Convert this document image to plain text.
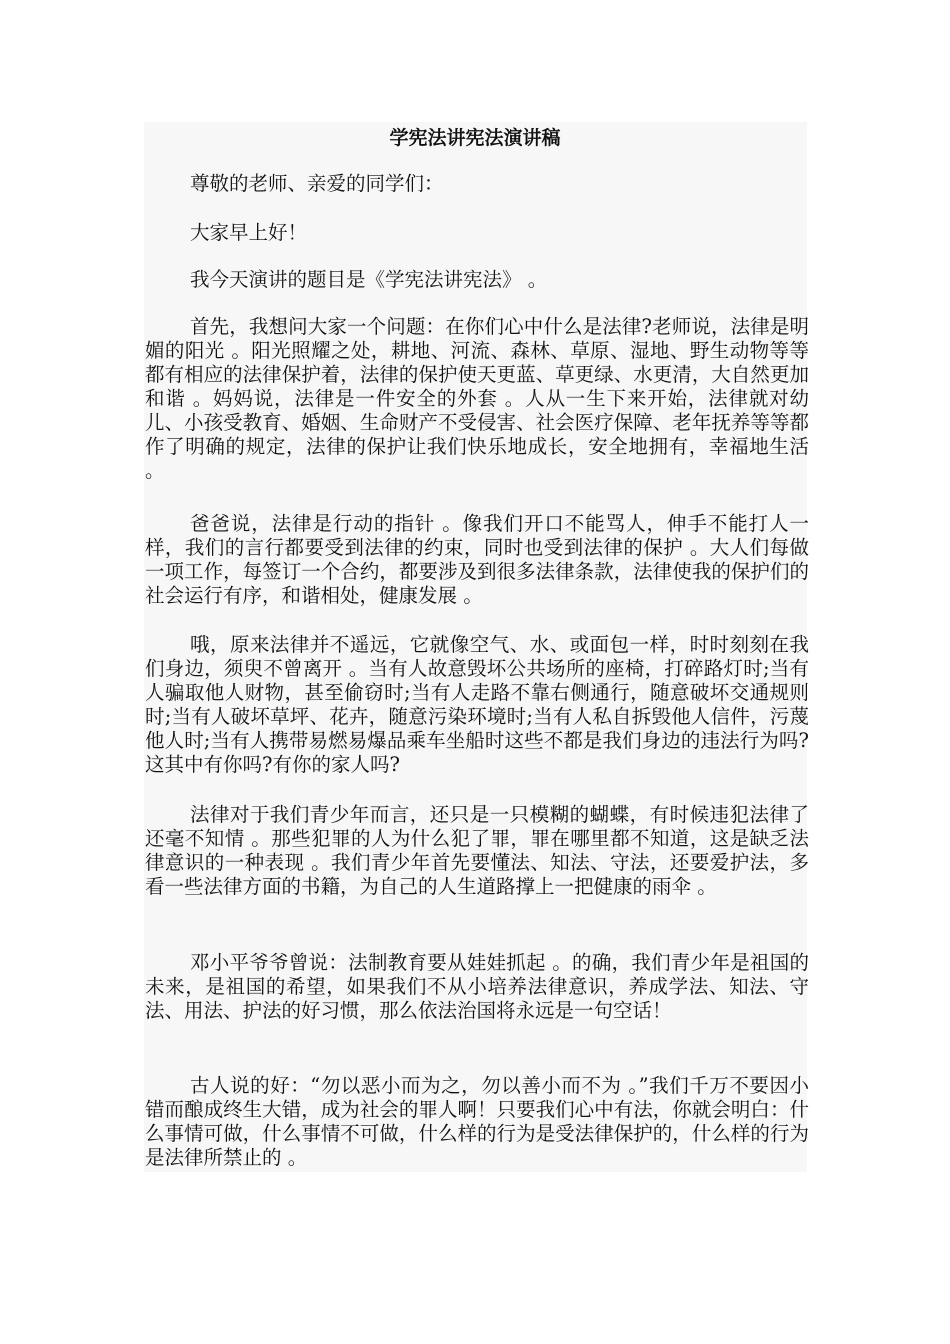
学宪法讲宪法演讲稿

尊敬的老师、亲爱的同学们：

大家早上好！

我今天演讲的题目是《学宪法讲宪法》 。

首先，我想问大家一个问题：在你们心中什么是法律?老师说，法律是明媚的阳光 。阳光照耀之处，耕地、河流、森林、草原、湿地、野生动物等等都有相应的法律保护着，法律的保护使天更蓝、草更绿、水更清，大自然更加和谐 。妈妈说，法律是一件安全的外套 。人从一生下来开始，法律就对幼儿、小孩受教育、婚姻、生命财产不受侵害、社会医疗保障、老年抚养等等都作了明确的规定，法律的保护让我们快乐地成长，安全地拥有，幸福地生活 。

爸爸说，法律是行动的指针 。像我们开口不能骂人，伸手不能打人一样，我们的言行都要受到法律的约束，同时也受到法律的保护 。大人们每做一项工作，每签订一个合约，都要涉及到很多法律条款，法律使我的保护们的社会运行有序，和谐相处，健康发展 。

哦，原来法律并不遥远，它就像空气、水、或面包一样，时时刻刻在我们身边，须臾不曾离开 。当有人故意毁坏公共场所的座椅，打碎路灯时;当有人骗取他人财物，甚至偷窃时;当有人走路不靠右侧通行，随意破坏交通规则时;当有人破坏草坪、花卉，随意污染环境时;当有人私自拆毁他人信件，污蔑他人时;当有人携带易燃易爆品乘车坐船时这些不都是我们身边的违法行为吗?这其中有你吗?有你的家人吗?

法律对于我们青少年而言，还只是一只模糊的蝴蝶，有时候违犯法律了还毫不知情 。那些犯罪的人为什么犯了罪，罪在哪里都不知道，这是缺乏法律意识的一种表现 。我们青少年首先要懂法、知法、守法，还要爱护法，多看一些法律方面的书籍，为自己的人生道路撑上一把健康的雨伞 。

邓小平爷爷曾说：法制教育要从娃娃抓起 。的确，我们青少年是祖国的未来，是祖国的希望，如果我们不从小培养法律意识，养成学法、知法、守法、用法、护法的好习惯，那么依法治国将永远是一句空话！

古人说的好：“勿以恶小而为之，勿以善小而不为 。”我们千万不要因小错而酿成终生大错，成为社会的罪人啊！只要我们心中有法，你就会明白：什么事情可做，什么事情不可做，什么样的行为是受法律保护的，什么样的行为是法律所禁止的 。
